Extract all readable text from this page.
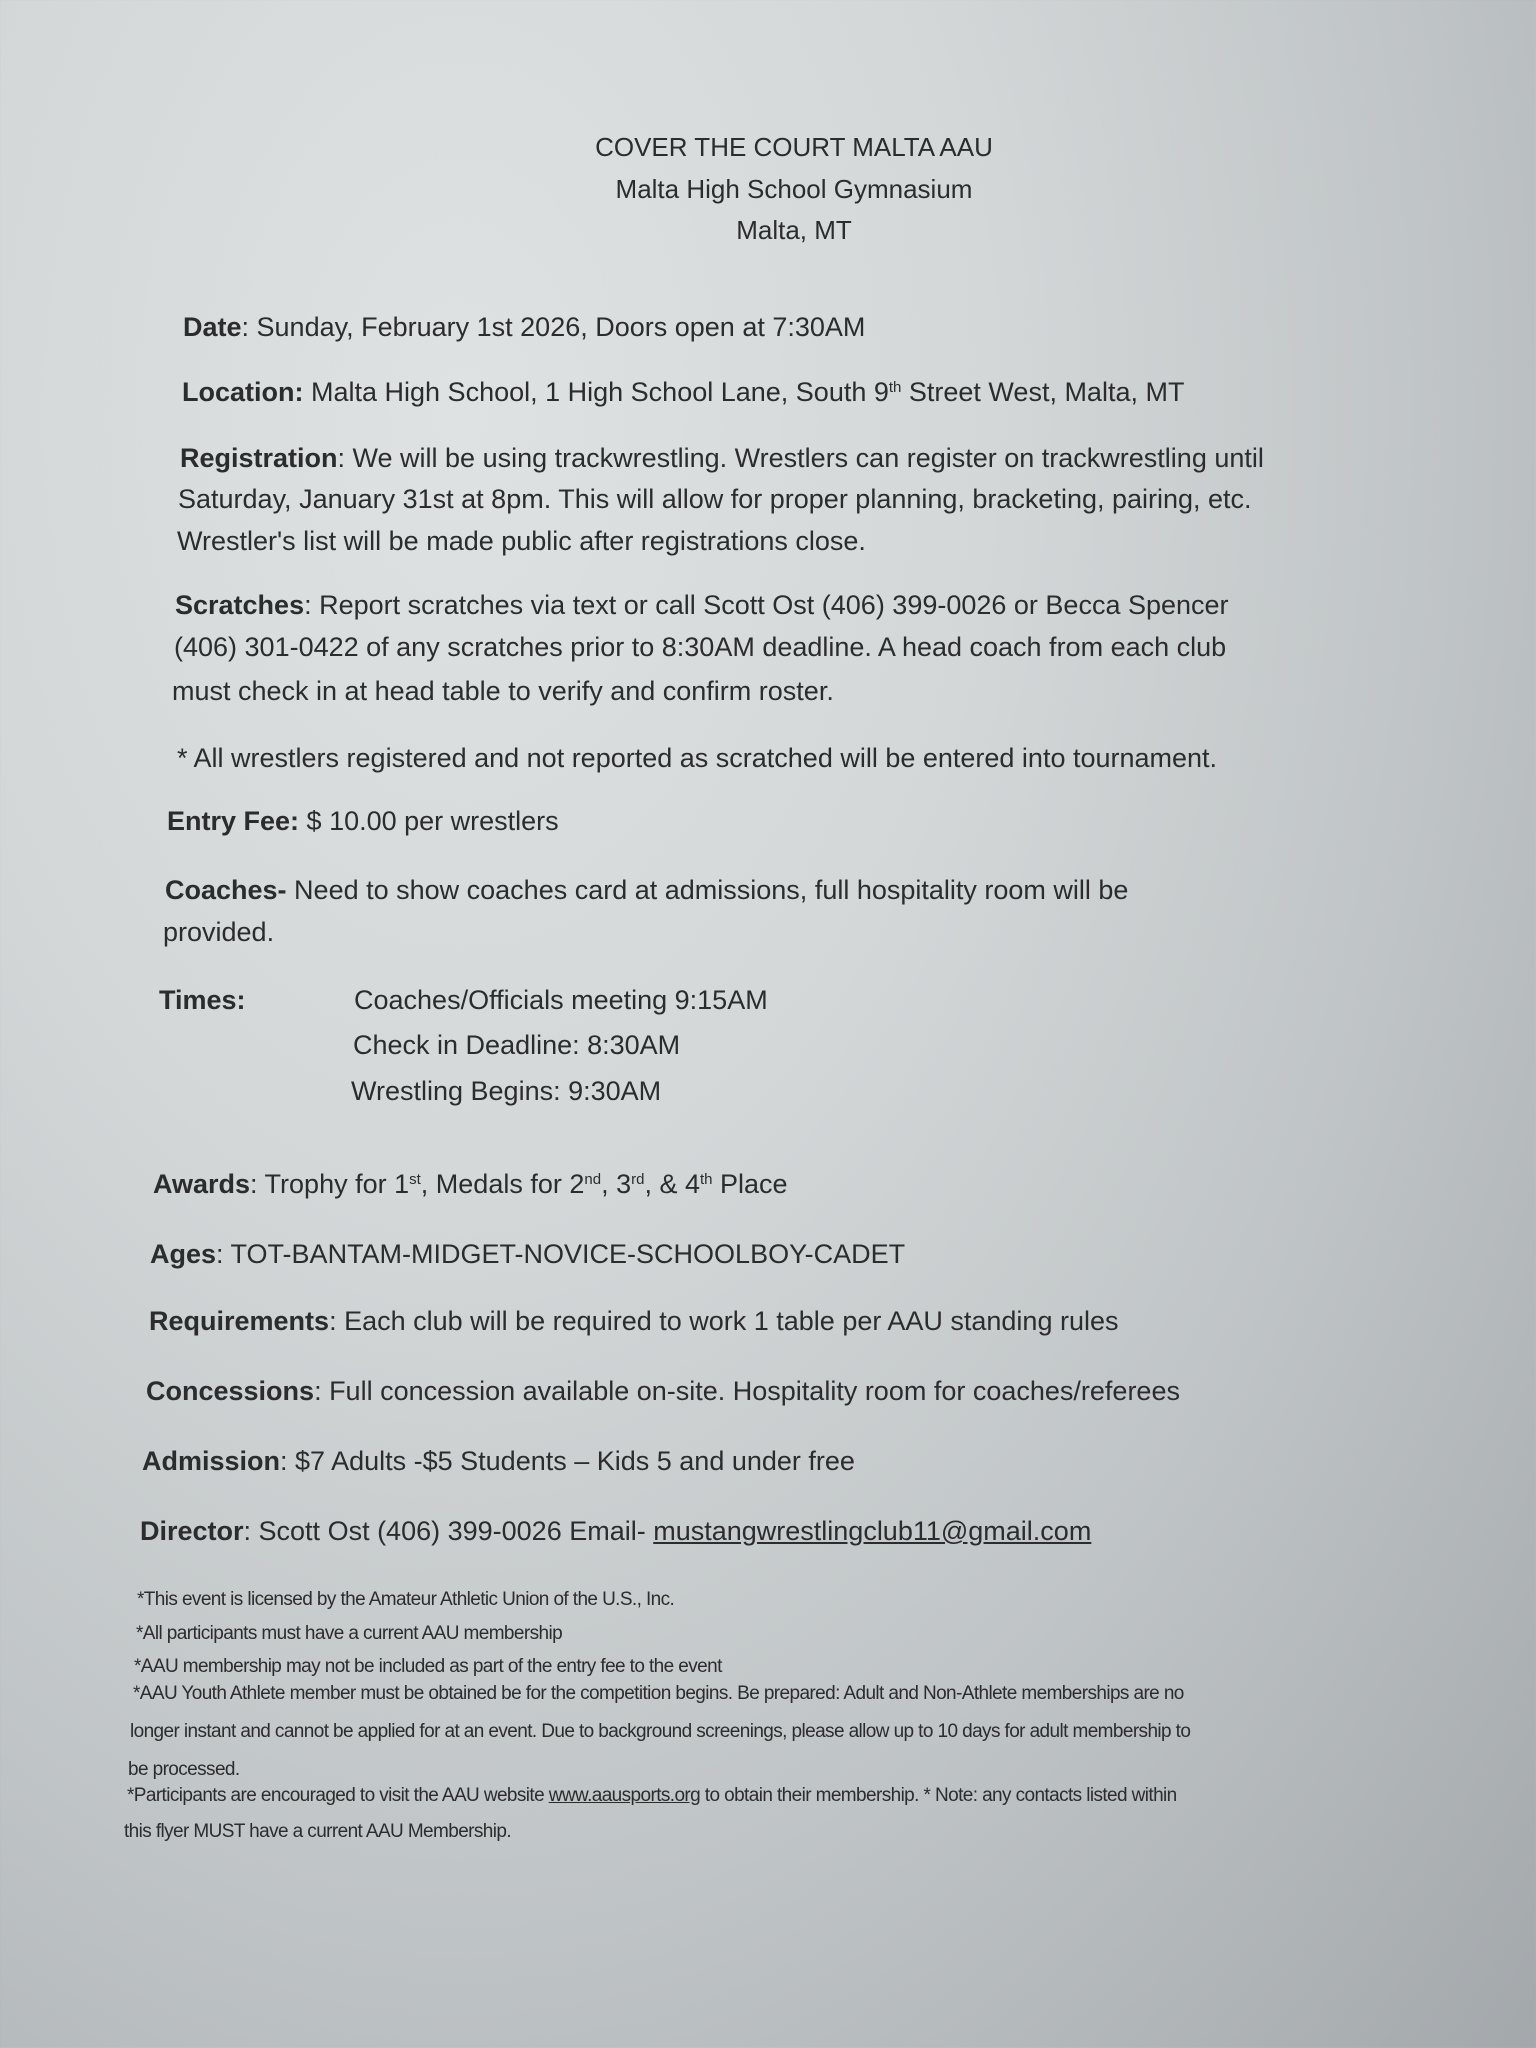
COVER THE COURT MALTA AAU
Malta High School Gymnasium
Malta, MT
Date: Sunday, February 1st 2026, Doors open at 7:30AM
Location: Malta High School, 1 High School Lane, South 9th Street West, Malta, MT
Registration: We will be using trackwrestling. Wrestlers can register on trackwrestling until
Saturday, January 31st at 8pm. This will allow for proper planning, bracketing, pairing, etc.
Wrestler's list will be made public after registrations close.
Scratches: Report scratches via text or call Scott Ost (406) 399-0026 or Becca Spencer
(406) 301-0422 of any scratches prior to 8:30AM deadline. A head coach from each club
must check in at head table to verify and confirm roster.
* All wrestlers registered and not reported as scratched will be entered into tournament.
Entry Fee: $ 10.00 per wrestlers
Coaches- Need to show coaches card at admissions, full hospitality room will be
provided.
Times:	Coaches/Officials meeting 9:15AM
Check in Deadline: 8:30AM
Wrestling Begins: 9:30AM
Awards: Trophy for 1st, Medals for 2nd, 3rd, & 4th Place
Ages: TOT-BANTAM-MIDGET-NOVICE-SCHOOLBOY-CADET
Requirements: Each club will be required to work 1 table per AAU standing rules
Concessions: Full concession available on-site. Hospitality room for coaches/referees
Admission: $7 Adults -$5 Students – Kids 5 and under free
Director: Scott Ost (406) 399-0026 Email- mustangwrestlingclub11@gmail.com
*This event is licensed by the Amateur Athletic Union of the U.S., Inc.
*All participants must have a current AAU membership
*AAU membership may not be included as part of the entry fee to the event
*AAU Youth Athlete member must be obtained be for the competition begins. Be prepared: Adult and Non-Athlete memberships are no
longer instant and cannot be applied for at an event. Due to background screenings, please allow up to 10 days for adult membership to
be processed.
*Participants are encouraged to visit the AAU website www.aausports.org to obtain their membership. * Note: any contacts listed within
this flyer MUST have a current AAU Membership.
